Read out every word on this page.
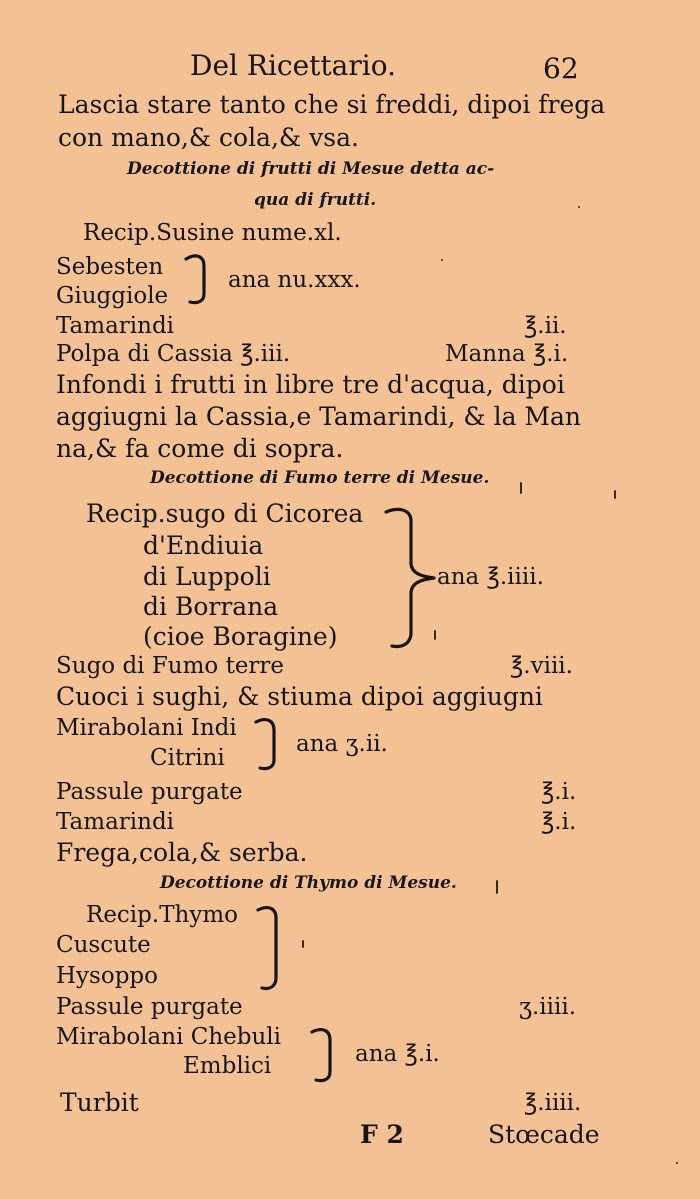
Del Ricettario.	62
Lascia stare tanto che si freddi, dipoi frega
con mano,& cola,& vsa.
Decottione di frutti di Mesue detta ac-
qua di frutti.
Recip.Susine nume.xl.
Sebesten
Giuggiole
ana nu.xxx.
Tamarindi	℥.ii.
Polpa di Cassia ℥.iii.	Manna ℥.i.
Infondi i frutti in libre tre d'acqua, dipoi
aggiugni la Cassia,e Tamarindi, & la Man
na,& fa come di sopra.
Decottione di Fumo terre di Mesue.
Recip.sugo di Cicorea
d'Endiuia
di Luppoli
di Borrana
(cioe Boragine)
ana ℥.iiii.
Sugo di Fumo terre	℥.viii.
Cuoci i sughi, & stiuma dipoi aggiugni
Mirabolani Indi
Citrini
ana ʒ.ii.
Passule purgate	℥.i.
Tamarindi	℥.i.
Frega,cola,& serba.
Decottione di Thymo di Mesue.
Recip.Thymo
Cuscute
Hysoppo
Passule purgate	ʒ.iiii.
Mirabolani Chebuli
Emblici	ana ℥.i.
Turbit	℥.iiii.
F 2	Stœcade
